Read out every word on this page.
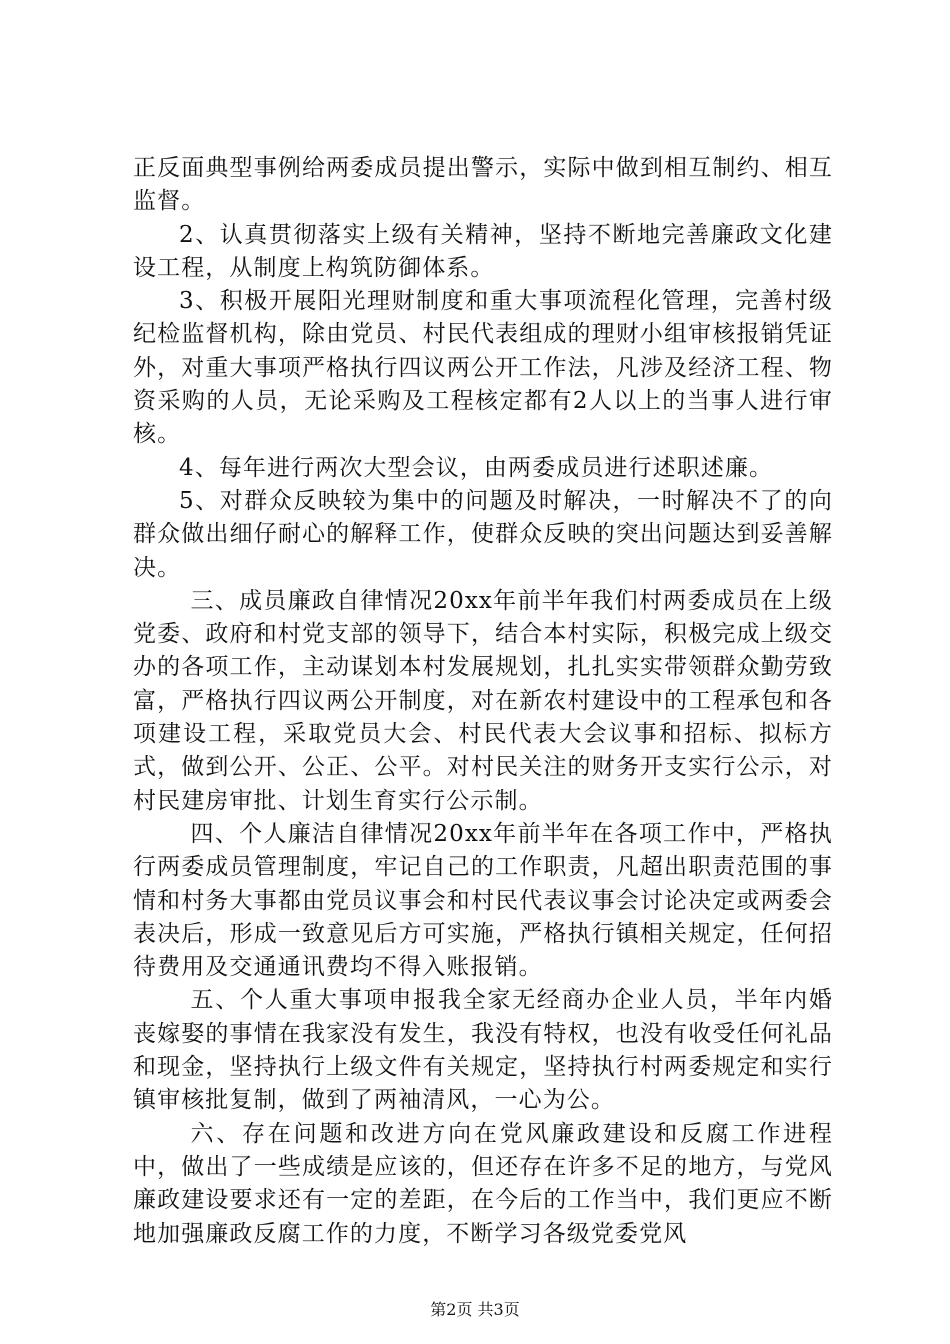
正反面典型事例给两委成员提出警示，实际中做到相互制约、相互监督。

2、认真贯彻落实上级有关精神，坚持不断地完善廉政文化建设工程，从制度上构筑防御体系。

3、积极开展阳光理财制度和重大事项流程化管理，完善村级纪检监督机构，除由党员、村民代表组成的理财小组审核报销凭证外，对重大事项严格执行四议两公开工作法，凡涉及经济工程、物资采购的人员，无论采购及工程核定都有2人以上的当事人进行审核。

4、每年进行两次大型会议，由两委成员进行述职述廉。

5、对群众反映较为集中的问题及时解决，一时解决不了的向群众做出细仔耐心的解释工作，使群众反映的突出问题达到妥善解决。

三、成员廉政自律情况20xx年前半年我们村两委成员在上级党委、政府和村党支部的领导下，结合本村实际，积极完成上级交办的各项工作，主动谋划本村发展规划，扎扎实实带领群众勤劳致富，严格执行四议两公开制度，对在新农村建设中的工程承包和各项建设工程，采取党员大会、村民代表大会议事和招标、拟标方式，做到公开、公正、公平。对村民关注的财务开支实行公示，对村民建房审批、计划生育实行公示制。

四、个人廉洁自律情况20xx年前半年在各项工作中，严格执行两委成员管理制度，牢记自己的工作职责，凡超出职责范围的事情和村务大事都由党员议事会和村民代表议事会讨论决定或两委会表决后，形成一致意见后方可实施，严格执行镇相关规定，任何招待费用及交通通讯费均不得入账报销。

五、个人重大事项申报我全家无经商办企业人员，半年内婚丧嫁娶的事情在我家没有发生，我没有特权，也没有收受任何礼品和现金，坚持执行上级文件有关规定，坚持执行村两委规定和实行镇审核批复制，做到了两袖清风，一心为公。

六、存在问题和改进方向在党风廉政建设和反腐工作进程中，做出了一些成绩是应该的，但还存在许多不足的地方，与党风廉政建设要求还有一定的差距，在今后的工作当中，我们更应不断地加强廉政反腐工作的力度，不断学习各级党委党风

第2页 共3页
